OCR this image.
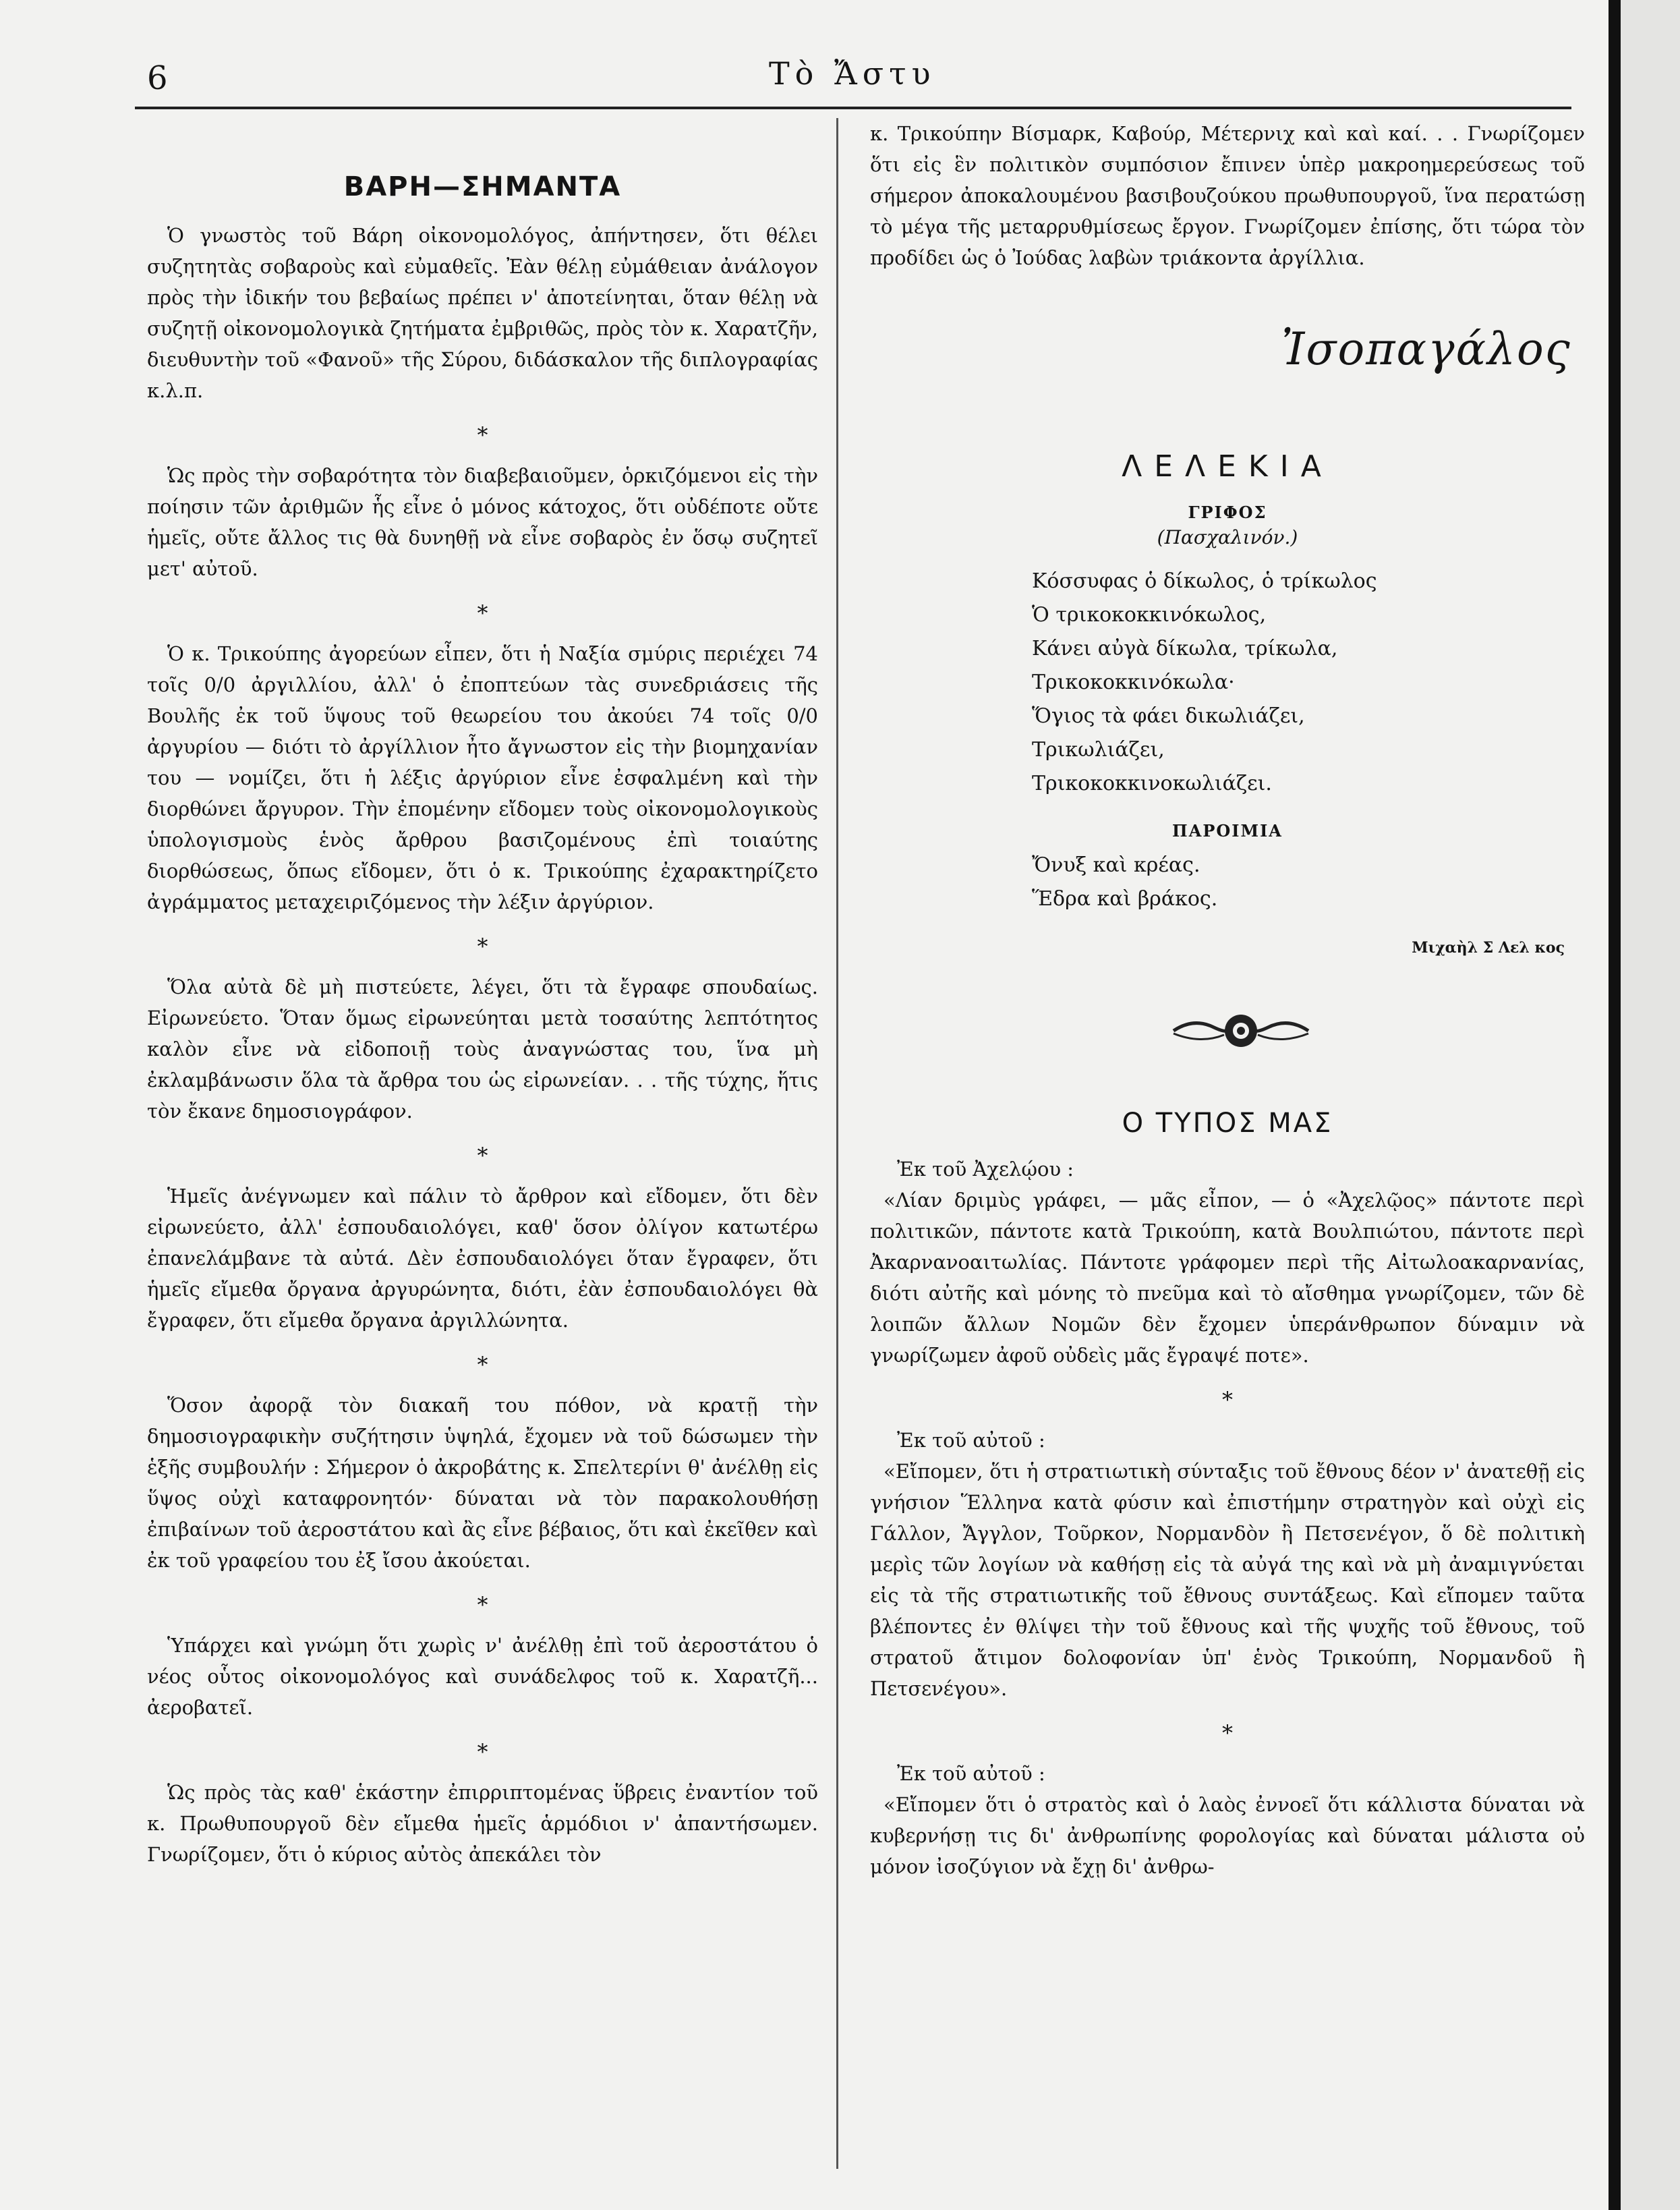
6	Τὸ Ἄστυ
ΒΑΡΗ—ΣΗΜΑΝΤΑ

Ὁ γνωστὸς τοῦ Βάρη οἰκονομολόγος, ἀπήντησεν, ὅτι θέλει συζητητὰς σοβαροὺς καὶ εὐμαθεῖς. Ἐὰν θέλῃ εὐμάθειαν ἀνάλογον πρὸς τὴν ἰδικήν του βεβαίως πρέπει ν' ἀποτείνηται, ὅταν θέλῃ νὰ συζητῇ οἰκονομολογικὰ ζητήματα ἐμβριθῶς, πρὸς τὸν κ. Χαρατζῆν, διευθυντὴν τοῦ «Φανοῦ» τῆς Σύρου, διδάσκαλον τῆς διπλογραφίας κ.λ.π.

*

Ὡς πρὸς τὴν σοβαρότητα τὸν διαβεβαιοῦμεν, ὁρκιζόμενοι εἰς τὴν ποίησιν τῶν ἀριθμῶν ἧς εἶνε ὁ μόνος κάτοχος, ὅτι οὐδέποτε οὔτε ἡμεῖς, οὔτε ἄλλος τις θὰ δυνηθῇ νὰ εἶνε σοβαρὸς ἐν ὅσῳ συζητεῖ μετ' αὐτοῦ.

*

Ὁ κ. Τρικούπης ἀγορεύων εἶπεν, ὅτι ἡ Ναξία σμύρις περιέχει 74 τοῖς 0/0 ἀργιλλίου, ἀλλ' ὁ ἐποπτεύων τὰς συνεδριάσεις τῆς Βουλῆς ἐκ τοῦ ὕψους τοῦ θεωρείου του ἀκούει 74 τοῖς 0/0 ἀργυρίου — διότι τὸ ἀργίλλιον ἦτο ἄγνωστον εἰς τὴν βιομηχανίαν του — νομίζει, ὅτι ἡ λέξις ἀργύριον εἶνε ἐσφαλμένη καὶ τὴν διορθώνει ἄργυρον. Τὴν ἐπομένην εἴδομεν τοὺς οἰκονομολογικοὺς ὑπολογισμοὺς ἑνὸς ἄρθρου βασιζομένους ἐπὶ τοιαύτης διορθώσεως, ὅπως εἴδομεν, ὅτι ὁ κ. Τρικούπης ἐχαρακτηρίζετο ἀγράμματος μεταχειριζόμενος τὴν λέξιν ἀργύριον.

*

Ὅλα αὐτὰ δὲ μὴ πιστεύετε, λέγει, ὅτι τὰ ἔγραφε σπουδαίως. Εἰρωνεύετο. Ὅταν ὅμως εἰρωνεύηται μετὰ τοσαύτης λεπτότητος καλὸν εἶνε νὰ εἰδοποιῇ τοὺς ἀναγνώστας του, ἵνα μὴ ἐκλαμβάνωσιν ὅλα τὰ ἄρθρα του ὡς εἰρωνείαν. . . τῆς τύχης, ἥτις τὸν ἔκανε δημοσιογράφον.

*

Ἡμεῖς ἀνέγνωμεν καὶ πάλιν τὸ ἄρθρον καὶ εἴδομεν, ὅτι δὲν εἰρωνεύετο, ἀλλ' ἐσπουδαιολόγει, καθ' ὅσον ὀλίγον κατωτέρω ἐπανελάμβανε τὰ αὐτά. Δὲν ἐσπουδαιολόγει ὅταν ἔγραφεν, ὅτι ἡμεῖς εἴμεθα ὄργανα ἀργυρώνητα, διότι, ἐὰν ἐσπουδαιολόγει θὰ ἔγραφεν, ὅτι εἴμεθα ὄργανα ἀργιλλώνητα.

*

Ὅσον ἀφορᾷ τὸν διακαῆ του πόθον, νὰ κρατῇ τὴν δημοσιογραφικὴν συζήτησιν ὑψηλά, ἔχομεν νὰ τοῦ δώσωμεν τὴν ἑξῆς συμβουλήν : Σήμερον ὁ ἀκροβάτης κ. Σπελτερίνι θ' ἀνέλθῃ εἰς ὕψος οὐχὶ καταφρονητόν· δύναται νὰ τὸν παρακολουθήσῃ ἐπιβαίνων τοῦ ἀεροστάτου καὶ ἂς εἶνε βέβαιος, ὅτι καὶ ἐκεῖθεν καὶ ἐκ τοῦ γραφείου του ἐξ ἴσου ἀκούεται.

*

Ὑπάρχει καὶ γνώμη ὅτι χωρὶς ν' ἀνέλθῃ ἐπὶ τοῦ ἀεροστάτου ὁ νέος οὗτος οἰκονομολόγος καὶ συνάδελφος τοῦ κ. Χαρατζῆ... ἀεροβατεῖ.

*

Ὡς πρὸς τὰς καθ' ἑκάστην ἐπιρριπτομένας ὕβρεις ἐναντίον τοῦ κ. Πρωθυπουργοῦ δὲν εἴμεθα ἡμεῖς ἁρμόδιοι ν' ἀπαντήσωμεν. Γνωρίζομεν, ὅτι ὁ κύριος αὐτὸς ἀπεκάλει τὸν

κ. Τρικούπην Βίσμαρκ, Καβούρ, Μέτερνιχ καὶ καὶ καί. . . Γνωρίζομεν ὅτι εἰς ἓν πολιτικὸν συμπόσιον ἔπινεν ὑπὲρ μακροημερεύσεως τοῦ σήμερον ἀποκαλουμένου βασιβουζούκου πρωθυπουργοῦ, ἵνα περατώσῃ τὸ μέγα τῆς μεταρρυθμίσεως ἔργον. Γνωρίζομεν ἐπίσης, ὅτι τώρα τὸν προδίδει ὡς ὁ Ἰούδας λαβὼν τριάκοντα ἀργίλλια.

Ἰσοπαγάλος
ΛΕΛΕΚΙΑ

ΓΡΙΦΟΣ

(Πασχαλινόν.)

Κόσσυφας ὁ δίκωλος, ὁ τρίκωλος

Ὁ τρικοκοκκινόκωλος,

Κάνει αὐγὰ δίκωλα, τρίκωλα,

Τρικοκοκκινόκωλα·

Ὅγιος τὰ φάει δικωλιάζει,

Τρικωλιάζει,

Τρικοκοκκινοκωλιάζει.

ΠΑΡΟΙΜΙΑ

Ὄνυξ καὶ κρέας.

Ἕδρα καὶ βράκος.

Μιχαὴλ Σ Λελ κος

Ο ΤΥΠΟΣ ΜΑΣ

Ἐκ τοῦ Ἀχελῴου :

«Λίαν δριμὺς γράφει, — μᾶς εἶπον, — ὁ «Ἀχελῷος» πάντοτε περὶ πολιτικῶν, πάντοτε κατὰ Τρικούπη, κατὰ Βουλπιώτου, πάντοτε περὶ Ἀκαρνανοαιτωλίας. Πάντοτε γράφομεν περὶ τῆς Αἰτωλοακαρνανίας, διότι αὐτῆς καὶ μόνης τὸ πνεῦμα καὶ τὸ αἴσθημα γνωρίζομεν, τῶν δὲ λοιπῶν ἄλλων Νομῶν δὲν ἔχομεν ὑπεράνθρωπον δύναμιν νὰ γνωρίζωμεν ἀφοῦ οὐδεὶς μᾶς ἔγραψέ ποτε».

*

Ἐκ τοῦ αὐτοῦ :

«Εἴπομεν, ὅτι ἡ στρατιωτικὴ σύνταξις τοῦ ἔθνους δέον ν' ἀνατεθῇ εἰς γνήσιον Ἕλληνα κατὰ φύσιν καὶ ἐπιστήμην στρατηγὸν καὶ οὐχὶ εἰς Γάλλον, Ἄγγλον, Τοῦρκον, Νορμανδὸν ἢ Πετσενέγον, ὅ δὲ πολιτικὴ μερὶς τῶν λογίων νὰ καθήσῃ εἰς τὰ αὐγά της καὶ νὰ μὴ ἀναμιγνύεται εἰς τὰ τῆς στρατιωτικῆς τοῦ ἔθνους συντάξεως. Καὶ εἴπομεν ταῦτα βλέποντες ἐν θλίψει τὴν τοῦ ἔθνους καὶ τῆς ψυχῆς τοῦ ἔθνους, τοῦ στρατοῦ ἄτιμον δολοφονίαν ὑπ' ἑνὸς Τρικούπη, Νορμανδοῦ ἢ Πετσενέγου».

*

Ἐκ τοῦ αὐτοῦ :

«Εἴπομεν ὅτι ὁ στρατὸς καὶ ὁ λαὸς ἐννοεῖ ὅτι κάλλιστα δύναται νὰ κυβερνήσῃ τις δι' ἀνθρωπίνης φορολογίας καὶ δύναται μάλιστα οὐ μόνον ἰσοζύγιον νὰ ἔχῃ δι' ἀνθρω-
